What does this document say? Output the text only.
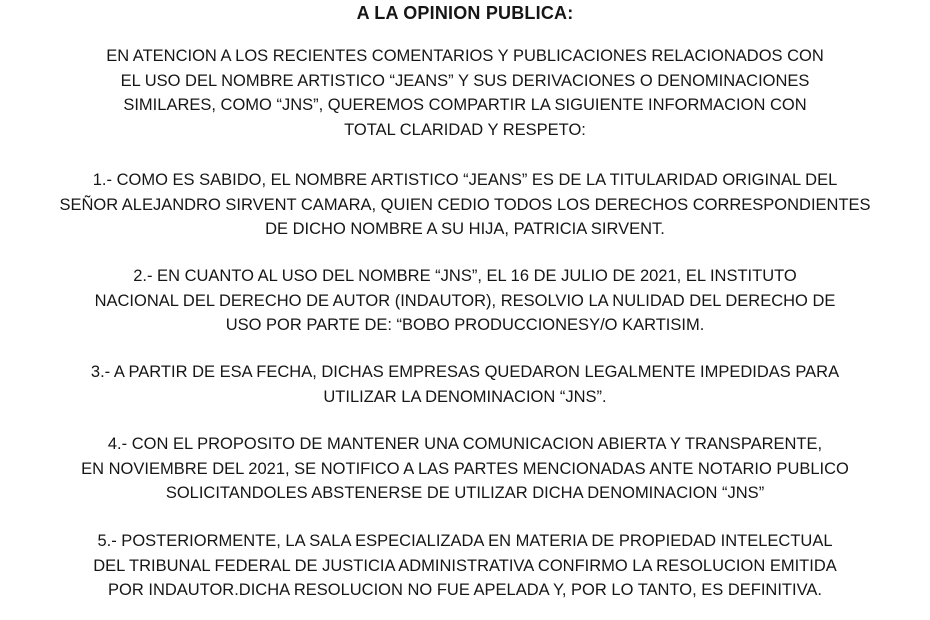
A LA OPINION PUBLICA:
EN ATENCION A LOS RECIENTES COMENTARIOS Y PUBLICACIONES RELACIONADOS CON
EL USO DEL NOMBRE ARTISTICO “JEANS” Y SUS DERIVACIONES O DENOMINACIONES
SIMILARES, COMO “JNS”, QUEREMOS COMPARTIR LA SIGUIENTE INFORMACION CON
TOTAL CLARIDAD Y RESPETO:
1.- COMO ES SABIDO, EL NOMBRE ARTISTICO “JEANS” ES DE LA TITULARIDAD ORIGINAL DEL
SEÑOR ALEJANDRO SIRVENT CAMARA, QUIEN CEDIO TODOS LOS DERECHOS CORRESPONDIENTES
DE DICHO NOMBRE A SU HIJA, PATRICIA SIRVENT.
2.- EN CUANTO AL USO DEL NOMBRE “JNS”, EL 16 DE JULIO DE 2021, EL INSTITUTO
NACIONAL DEL DERECHO DE AUTOR (INDAUTOR), RESOLVIO LA NULIDAD DEL DERECHO DE
USO POR PARTE DE: “BOBO PRODUCCIONESY/O KARTISIM.
3.- A PARTIR DE ESA FECHA, DICHAS EMPRESAS QUEDARON LEGALMENTE IMPEDIDAS PARA
UTILIZAR LA DENOMINACION “JNS”.
4.- CON EL PROPOSITO DE MANTENER UNA COMUNICACION ABIERTA Y TRANSPARENTE,
EN NOVIEMBRE DEL 2021, SE NOTIFICO A LAS PARTES MENCIONADAS ANTE NOTARIO PUBLICO
SOLICITANDOLES ABSTENERSE DE UTILIZAR DICHA DENOMINACION “JNS”
5.- POSTERIORMENTE, LA SALA ESPECIALIZADA EN MATERIA DE PROPIEDAD INTELECTUAL
DEL TRIBUNAL FEDERAL DE JUSTICIA ADMINISTRATIVA CONFIRMO LA RESOLUCION EMITIDA
POR INDAUTOR.DICHA RESOLUCION NO FUE APELADA Y, POR LO TANTO, ES DEFINITIVA.
